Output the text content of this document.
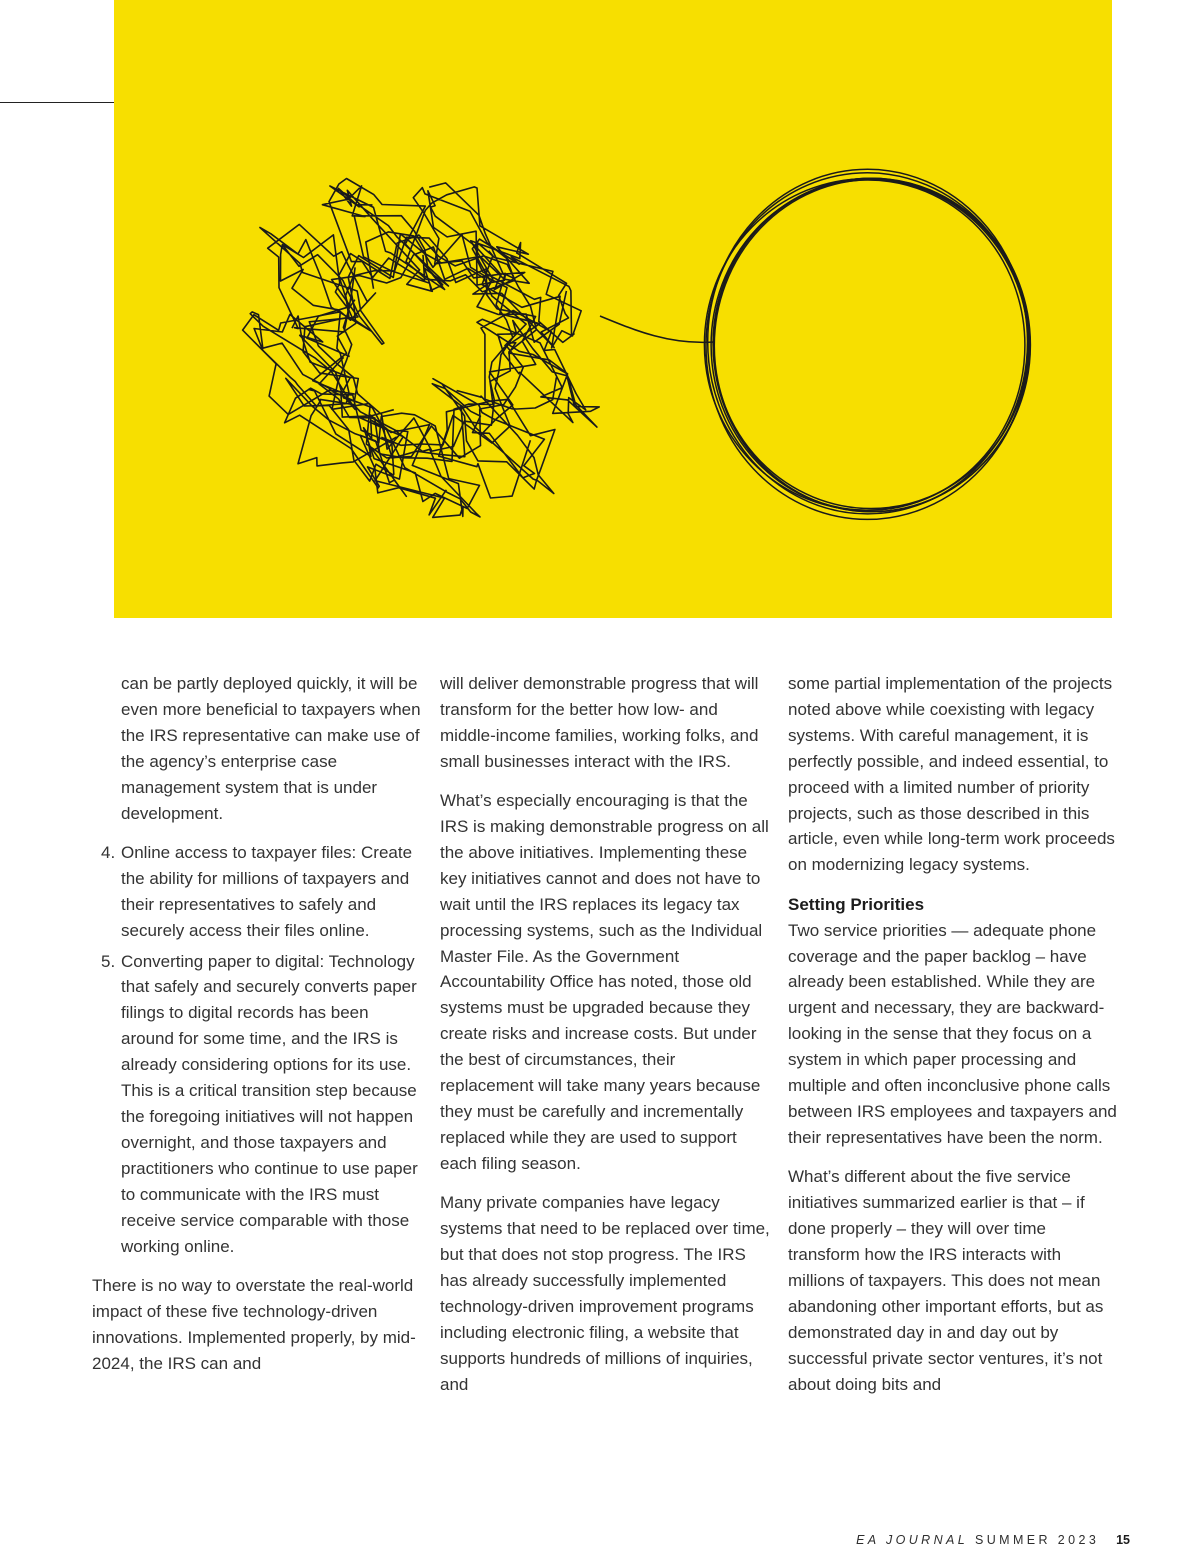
can be partly deployed quickly, it will be even more beneficial to taxpayers when the IRS representative can make use of the agency’s enterprise case management system that is under development.

4. Online access to taxpayer files: Create the ability for millions of taxpayers and their representatives to safely and securely access their files online.
5. Converting paper to digital: Technology that safely and securely converts paper filings to digital records has been around for some time, and the IRS is already considering options for its use. This is a critical transition step because the foregoing initiatives will not happen overnight, and those taxpayers and practitioners who continue to use paper to communicate with the IRS must receive service comparable with those working online.

There is no way to overstate the real-world impact of these five technology-driven innovations. Implemented properly, by mid-2024, the IRS can and

will deliver demonstrable progress that will transform for the better how low- and middle-income families, working folks, and small businesses interact with the IRS.

What’s especially encouraging is that the IRS is making demonstrable progress on all the above initiatives. Implementing these key initiatives cannot and does not have to wait until the IRS replaces its legacy tax processing systems, such as the Individual Master File. As the Government Accountability Office has noted, those old systems must be upgraded because they create risks and increase costs. But under the best of circumstances, their replacement will take many years because they must be carefully and incrementally replaced while they are used to support each filing season.

Many private companies have legacy systems that need to be replaced over time, but that does not stop progress. The IRS has already successfully implemented technology-driven improvement programs including electronic filing, a website that supports hundreds of millions of inquiries, and

some partial implementation of the projects noted above while coexisting with legacy systems. With careful management, it is perfectly possible, and indeed essential, to proceed with a limited number of priority projects, such as those described in this article, even while long-term work proceeds on modernizing legacy systems.

Setting Priorities

Two service priorities — adequate phone coverage and the paper backlog – have already been established. While they are urgent and necessary, they are backward-looking in the sense that they focus on a system in which paper processing and multiple and often inconclusive phone calls between IRS employees and taxpayers and their representatives have been the norm.

What’s different about the five service initiatives summarized earlier is that – if done properly – they will over time transform how the IRS interacts with millions of taxpayers. This does not mean abandoning other important efforts, but as demonstrated day in and day out by successful private sector ventures, it’s not about doing bits and

EA JOURNAL SUMMER 2023 15
